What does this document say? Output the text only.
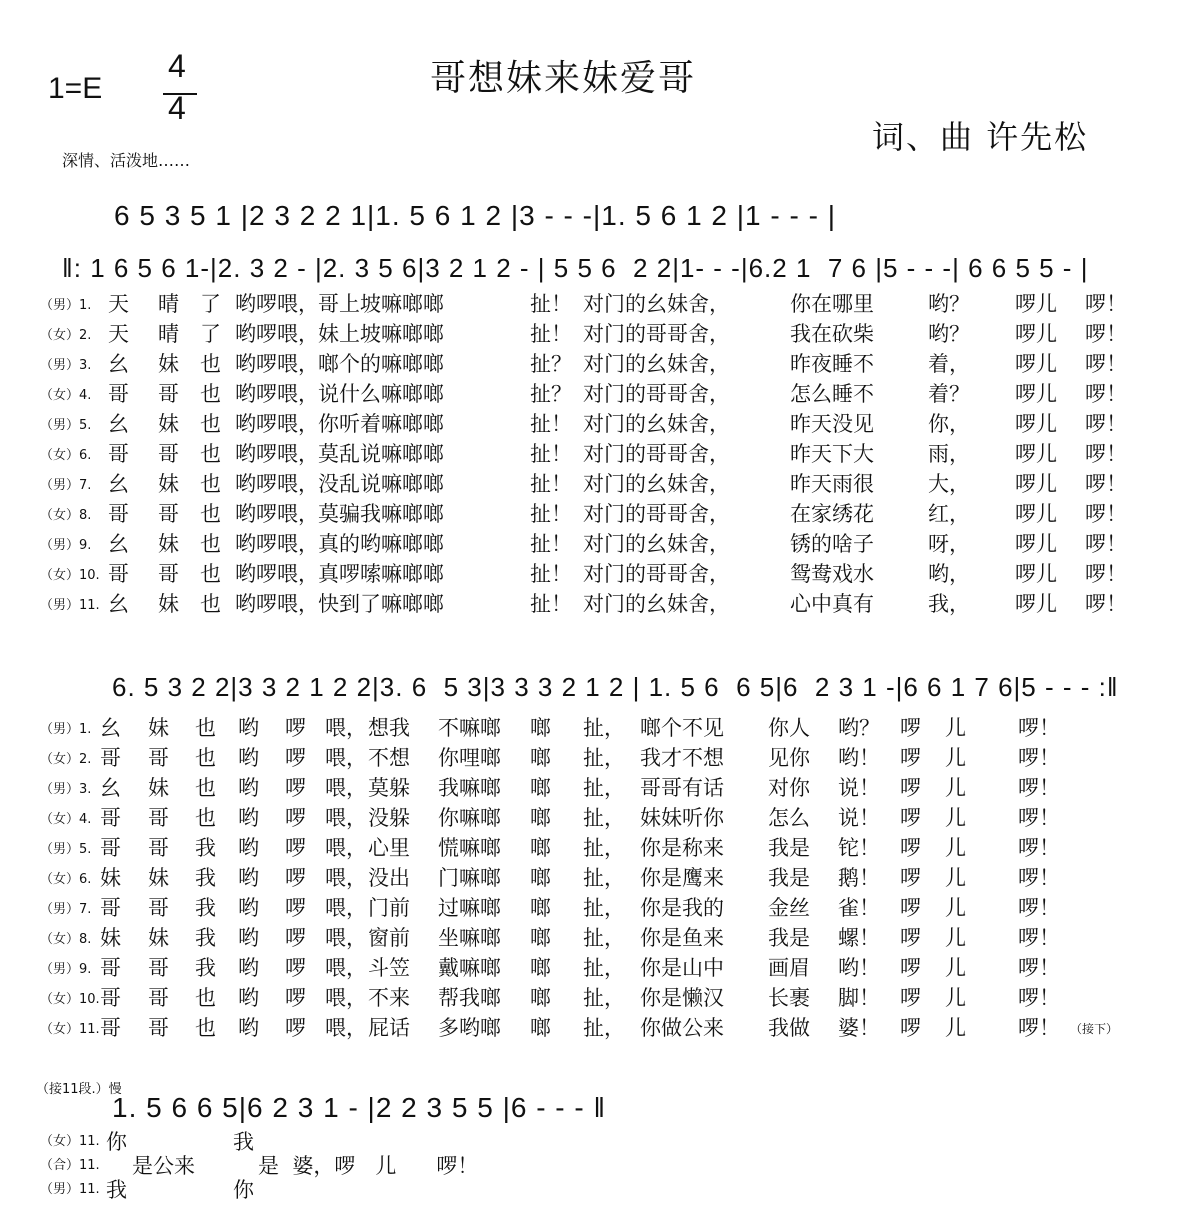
1=E
4
4
哥想妹来妹爱哥
词、曲 许先松
深情、活泼地……
6 5 3 5 1 |2 3 2 2 1|1. 5 6 1 2 |3 - - -|1. 5 6 1 2 |1 - - - |
‖: 1 6 5 6 1-|2. 3 2 - |2. 3 5 6|3 2 1 2 - | 5 5 6  2 2|1- - -|6.2 1  7 6 |5 - - -| 6 6 5 5 - |
（男）1. 天 晴 了 哟啰喂， 哥上坡嘛啷啷	扯！ 对门的幺妹舍，	你在哪里	哟？ 啰儿 啰！
（女）2. 天 晴 了 哟啰喂， 妹上坡嘛啷啷	扯！ 对门的哥哥舍，	我在砍柴	哟？ 啰儿 啰！
（男）3. 幺 妹 也 哟啰喂， 啷个的嘛啷啷	扯？ 对门的幺妹舍，	昨夜睡不	着， 啰儿 啰！
（女）4. 哥 哥 也 哟啰喂， 说什么嘛啷啷	扯？ 对门的哥哥舍，	怎么睡不	着？ 啰儿 啰！
（男）5. 幺 妹 也 哟啰喂， 你听着嘛啷啷	扯！ 对门的幺妹舍，	昨天没见	你， 啰儿 啰！
（女）6. 哥 哥 也 哟啰喂， 莫乱说嘛啷啷	扯！ 对门的哥哥舍，	昨天下大	雨， 啰儿 啰！
（男）7. 幺 妹 也 哟啰喂， 没乱说嘛啷啷	扯！ 对门的幺妹舍，	昨天雨很	大， 啰儿 啰！
（女）8. 哥 哥 也 哟啰喂， 莫骗我嘛啷啷	扯！ 对门的哥哥舍，	在家绣花	红， 啰儿 啰！
（男）9. 幺 妹 也 哟啰喂， 真的哟嘛啷啷	扯！ 对门的幺妹舍，	锈的啥子	呀， 啰儿 啰！
（女）10. 哥 哥 也 哟啰喂， 真啰嗦嘛啷啷	扯！ 对门的哥哥舍，	鸳鸯戏水	哟， 啰儿 啰！
（男）11. 幺 妹 也 哟啰喂， 快到了嘛啷啷	扯！ 对门的幺妹舍，	心中真有	我， 啰儿 啰！
6. 5 3 2 2|3 3 2 1 2 2|3. 6  5 3|3 3 3 2 1 2 | 1. 5 6  6 5|6  2 3 1 -|6 6 1 7 6|5 - - - :‖
（男）1. 幺 妹 也 哟 啰 喂， 想我 不嘛啷 啷 扯， 啷个不见 你人 哟？ 啰 儿 啰！
（女）2. 哥 哥 也 哟 啰 喂， 不想 你哩啷 啷 扯， 我才不想 见你 哟！ 啰 儿 啰！
（男）3. 幺 妹 也 哟 啰 喂， 莫躲 我嘛啷 啷 扯， 哥哥有话 对你 说！ 啰 儿 啰！
（女）4. 哥 哥 也 哟 啰 喂， 没躲 你嘛啷 啷 扯， 妹妹听你 怎么 说！ 啰 儿 啰！
（男）5. 哥 哥 我 哟 啰 喂， 心里 慌嘛啷 啷 扯， 你是称来 我是 铊！ 啰 儿 啰！
（女）6. 妹 妹 我 哟 啰 喂， 没出 门嘛啷 啷 扯， 你是鹰来 我是 鹅！ 啰 儿 啰！
（男）7. 哥 哥 我 哟 啰 喂， 门前 过嘛啷 啷 扯， 你是我的 金丝 雀！ 啰 儿 啰！
（女）8. 妹 妹 我 哟 啰 喂， 窗前 坐嘛啷 啷 扯， 你是鱼来 我是 螺！ 啰 儿 啰！
（男）9. 哥 哥 我 哟 啰 喂， 斗笠 戴嘛啷 啷 扯， 你是山中 画眉 哟！ 啰 儿 啰！
（女）10. 哥 哥 也 哟 啰 喂， 不来 帮我啷 啷 扯， 你是懒汉 长裹 脚！ 啰 儿 啰！
（女）11. 哥 哥 也 哟 啰 喂， 屁话 多哟啷 啷 扯， 你做公来 我做 婆！ 啰 儿 啰！ （接下）
（接11段.）慢
1. 5 6 6 5|6 2 3 1 - |2 2 3 5 5 |6 - - - ‖
（女）11. 你	我
（合）11. 是公来	是  婆，啰   儿      啰！
（男）11. 我	你
